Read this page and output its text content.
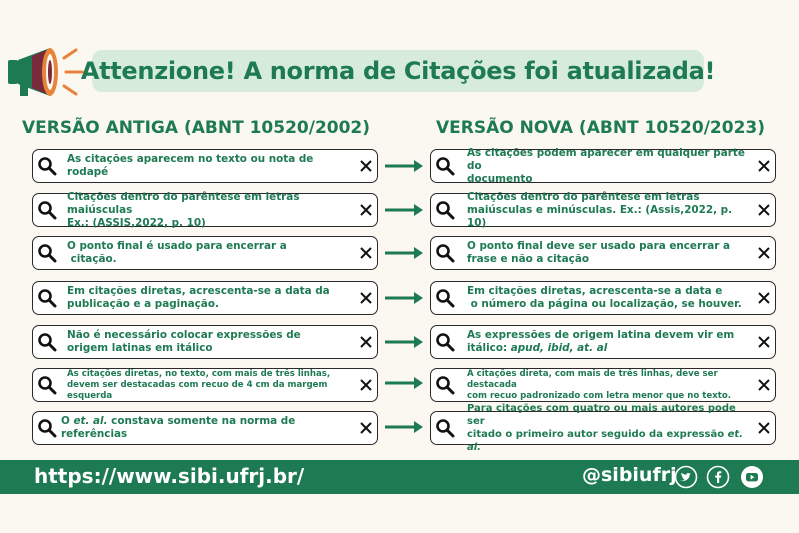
Attenzione! A norma de Citações foi atualizada!
VERSÃO ANTIGA (ABNT 10520/2002)	VERSÃO NOVA (ABNT 10520/2023)
As citações aparecem no texto ou nota de rodapé
As citações podem aparecer em qualquer parte do
documento
Citações dentro do parêntese em letras maiúsculas
Ex.: (ASSIS,2022, p. 10)
Citações dentro do parêntese em letras
maiúsculas e minúsculas. Ex.: (Assis,2022, p. 10)
O ponto final é usado para encerrar a
citação.
O ponto final deve ser usado para encerrar a
frase e não a citação
Em citações diretas, acrescenta-se a data da
publicação e a paginação.
Em citações diretas, acrescenta-se a data e
o número da página ou localização, se houver.
Não é necessário colocar expressões de
origem latinas em itálico
As expressões de origem latina devem vir em
itálico: apud, ibid, at. al
As citações diretas, no texto, com mais de três linhas,
devem ser destacadas com recuo de 4 cm da margem esquerda
A citações direta, com mais de três linhas, deve ser destacada
com recuo padronizado com letra menor que no texto.
O et. al. constava somente na norma de referências
Para citações com quatro ou mais autores pode ser
citado o primeiro autor seguido da expressão et. al.
https://www.sibi.ufrj.br/	@sibiufrj
